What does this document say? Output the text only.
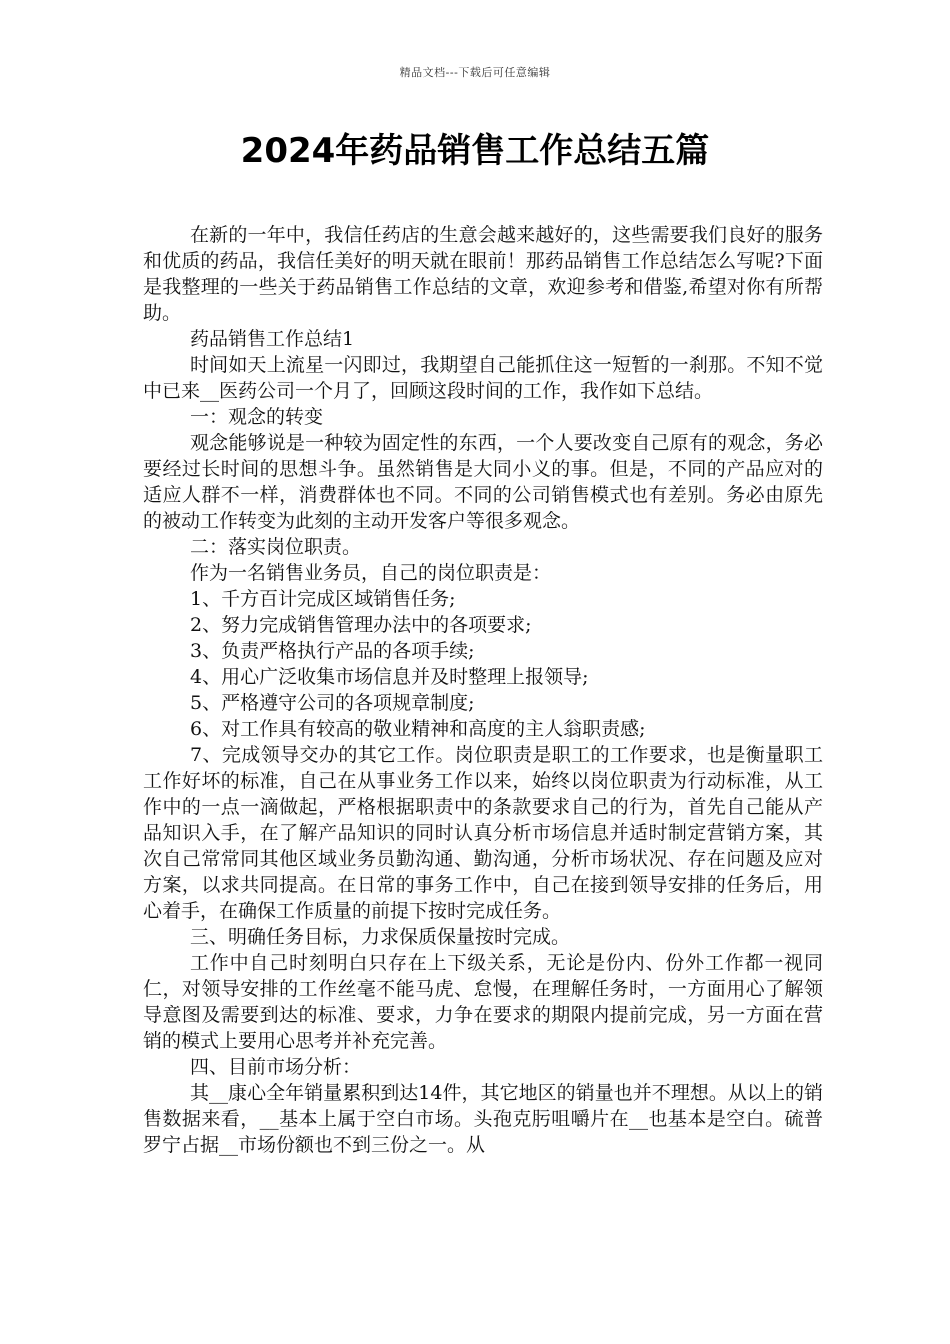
精品文档---下载后可任意编辑
2024年药品销售工作总结五篇

在新的一年中，我信任药店的生意会越来越好的，这些需要我们良好的服务和优质的药品，我信任美好的明天就在眼前！那药品销售工作总结怎么写呢?下面是我整理的一些关于药品销售工作总结的文章，欢迎参考和借鉴,希望对你有所帮助。

药品销售工作总结1

时间如天上流星一闪即过，我期望自己能抓住这一短暂的一刹那。不知不觉中已来__医药公司一个月了，回顾这段时间的工作，我作如下总结。

一：观念的转变

观念能够说是一种较为固定性的东西，一个人要改变自己原有的观念，务必要经过长时间的思想斗争。虽然销售是大同小义的事。但是，不同的产品应对的适应人群不一样，消费群体也不同。不同的公司销售模式也有差别。务必由原先的被动工作转变为此刻的主动开发客户等很多观念。

二：落实岗位职责。

作为一名销售业务员，自己的岗位职责是：

1、千方百计完成区域销售任务;

2、努力完成销售管理办法中的各项要求;

3、负责严格执行产品的各项手续;

4、用心广泛收集市场信息并及时整理上报领导;

5、严格遵守公司的各项规章制度;

6、对工作具有较高的敬业精神和高度的主人翁职责感;

7、完成领导交办的其它工作。岗位职责是职工的工作要求，也是衡量职工工作好坏的标准，自己在从事业务工作以来，始终以岗位职责为行动标准，从工作中的一点一滴做起，严格根据职责中的条款要求自己的行为，首先自己能从产品知识入手，在了解产品知识的同时认真分析市场信息并适时制定营销方案，其次自己常常同其他区域业务员勤沟通、勤沟通，分析市场状况、存在问题及应对方案，以求共同提高。在日常的事务工作中，自己在接到领导安排的任务后，用心着手，在确保工作质量的前提下按时完成任务。

三、明确任务目标，力求保质保量按时完成。

工作中自己时刻明白只存在上下级关系，无论是份内、份外工作都一视同仁，对领导安排的工作丝毫不能马虎、怠慢，在理解任务时，一方面用心了解领导意图及需要到达的标准、要求，力争在要求的期限内提前完成，另一方面在营销的模式上要用心思考并补充完善。

四、目前市场分析：

其__康心全年销量累积到达14件，其它地区的销量也并不理想。从以上的销售数据来看，__基本上属于空白市场。头孢克肟咀嚼片在__也基本是空白。硫普罗宁占据__市场份额也不到三份之一。从
